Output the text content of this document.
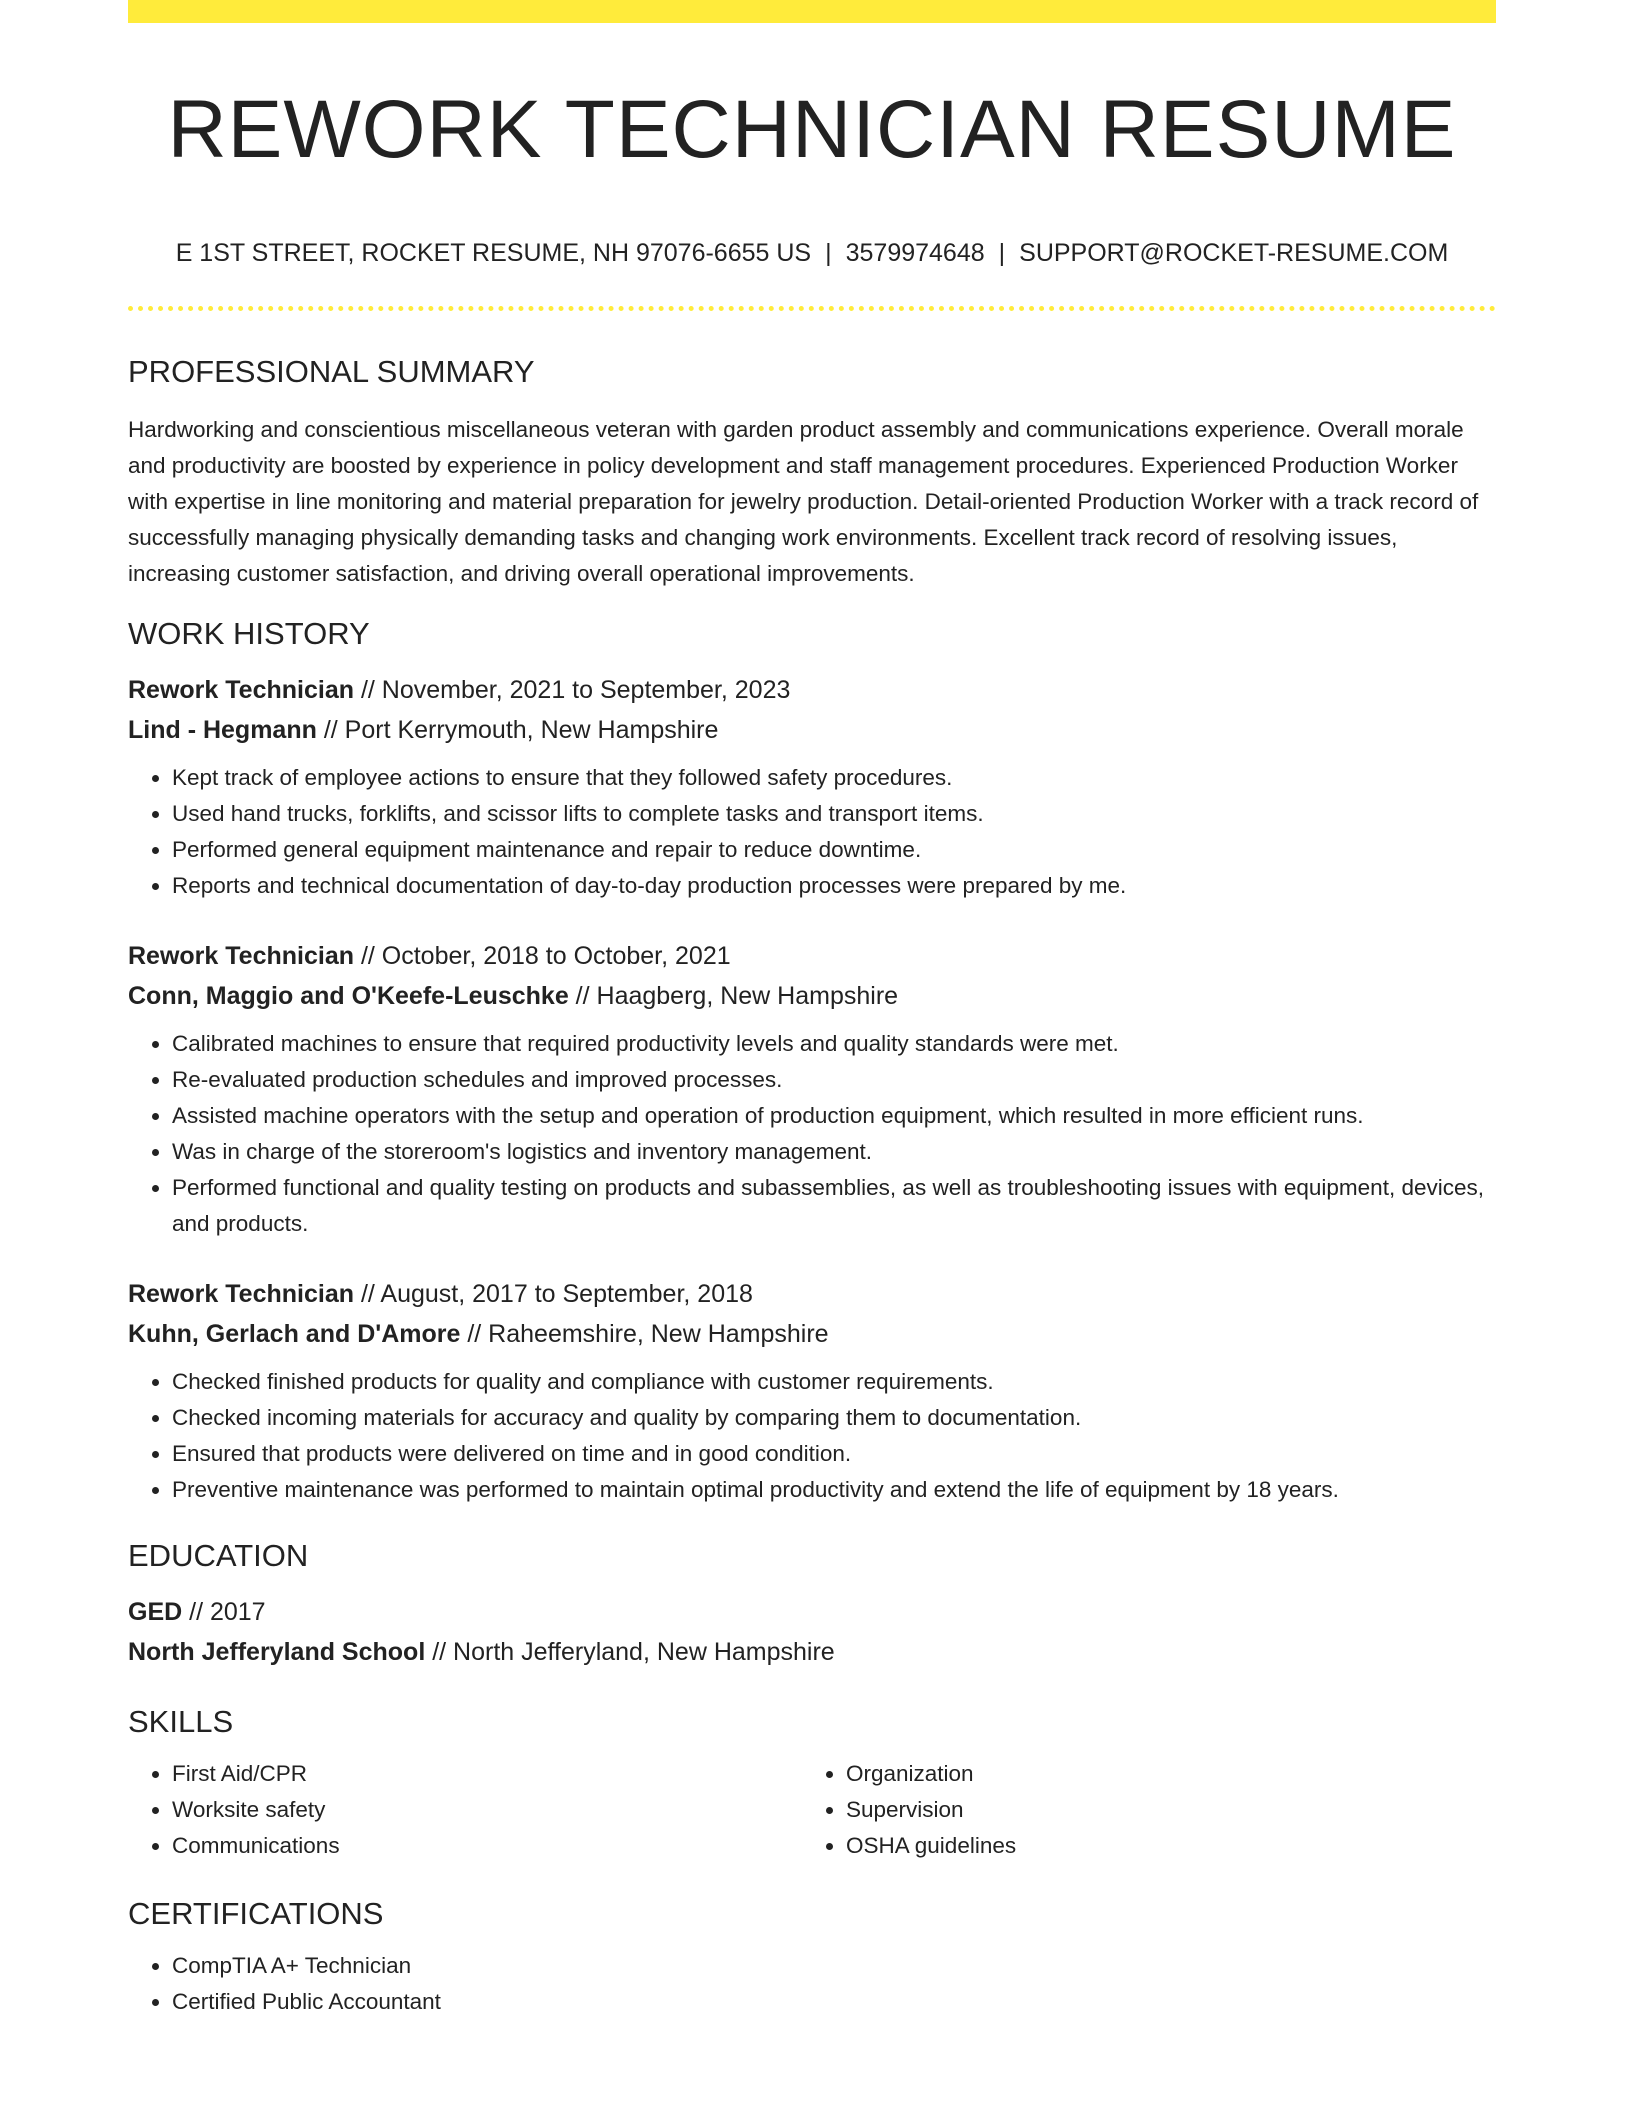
REWORK TECHNICIAN RESUME
E 1ST STREET, ROCKET RESUME, NH 97076-6655 US | 3579974648 | SUPPORT@ROCKET-RESUME.COM
PROFESSIONAL SUMMARY

Hardworking and conscientious miscellaneous veteran with garden product assembly and communications experience. Overall morale and productivity are boosted by experience in policy development and staff management procedures. Experienced Production Worker with expertise in line monitoring and material preparation for jewelry production. Detail-oriented Production Worker with a track record of successfully managing physically demanding tasks and changing work environments. Excellent track record of resolving issues, increasing customer satisfaction, and driving overall operational improvements.

WORK HISTORY
Rework Technician // November, 2021 to September, 2023
Lind - Hegmann // Port Kerrymouth, New Hampshire
• Kept track of employee actions to ensure that they followed safety procedures.
• Used hand trucks, forklifts, and scissor lifts to complete tasks and transport items.
• Performed general equipment maintenance and repair to reduce downtime.
• Reports and technical documentation of day-to-day production processes were prepared by me.
Rework Technician // October, 2018 to October, 2021
Conn, Maggio and O'Keefe-Leuschke // Haagberg, New Hampshire
• Calibrated machines to ensure that required productivity levels and quality standards were met.
• Re-evaluated production schedules and improved processes.
• Assisted machine operators with the setup and operation of production equipment, which resulted in more efficient runs.
• Was in charge of the storeroom's logistics and inventory management.
• Performed functional and quality testing on products and subassemblies, as well as troubleshooting issues with equipment, devices, and products.
Rework Technician // August, 2017 to September, 2018
Kuhn, Gerlach and D'Amore // Raheemshire, New Hampshire
• Checked finished products for quality and compliance with customer requirements.
• Checked incoming materials for accuracy and quality by comparing them to documentation.
• Ensured that products were delivered on time and in good condition.
• Preventive maintenance was performed to maintain optimal productivity and extend the life of equipment by 18 years.
EDUCATION
GED // 2017
North Jefferyland School // North Jefferyland, New Hampshire
SKILLS
• First Aid/CPR
• Worksite safety
• Communications
• Organization
• Supervision
• OSHA guidelines
CERTIFICATIONS
• CompTIA A+ Technician
• Certified Public Accountant
